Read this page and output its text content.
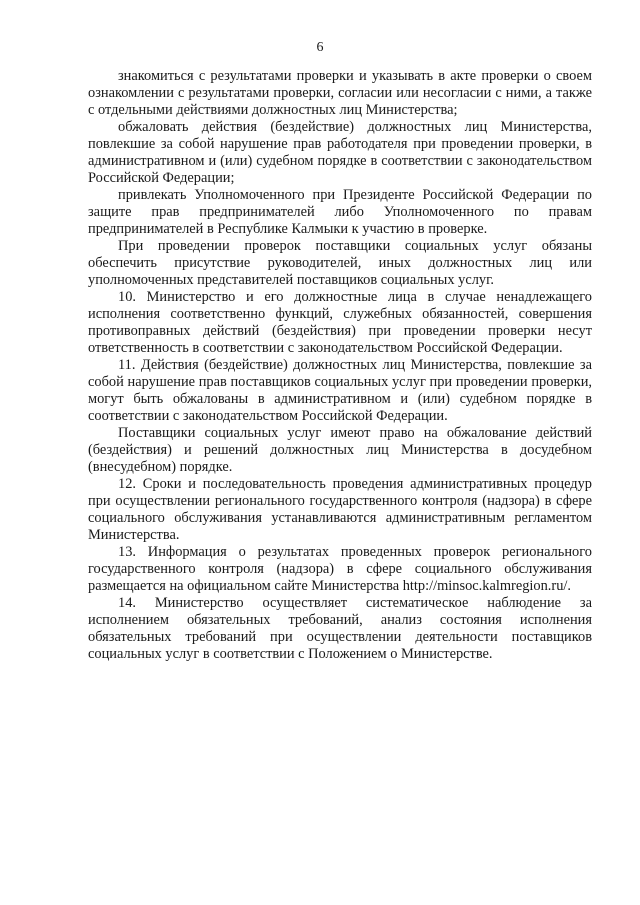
6

знакомиться с результатами проверки и указывать в акте проверки о своем ознакомлении с результатами проверки, согласии или несогласии с ними, а также с отдельными действиями должностных лиц Министерства;

обжаловать действия (бездействие) должностных лиц Министерства, повлекшие за собой нарушение прав работодателя при проведении проверки, в административном и (или) судебном порядке в соответствии с законодательством Российской Федерации;

привлекать Уполномоченного при Президенте Российской Федерации по защите прав предпринимателей либо Уполномоченного по правам предпринимателей в Республике Калмыки к участию в проверке.

При проведении проверок поставщики социальных услуг обязаны обеспечить присутствие руководителей, иных должностных лиц или уполномоченных представителей поставщиков социальных услуг.

10. Министерство и его должностные лица в случае ненадлежащего исполнения соответственно функций, служебных обязанностей, совершения противоправных действий (бездействия) при проведении проверки несут ответственность в соответствии с законодательством Российской Федерации.

11. Действия (бездействие) должностных лиц Министерства, повлекшие за собой нарушение прав поставщиков социальных услуг при проведении проверки, могут быть обжалованы в административном и (или) судебном порядке в соответствии с законодательством Российской Федерации.

Поставщики социальных услуг имеют право на обжалование действий (бездействия) и решений должностных лиц Министерства в досудебном (внесудебном) порядке.

12. Сроки и последовательность проведения административных процедур при осуществлении регионального государственного контроля (надзора) в сфере социального обслуживания устанавливаются административным регламентом Министерства.

13. Информация о результатах проведенных проверок регионального государственного контроля (надзора) в сфере социального обслуживания размещается на официальном сайте Министерства http://minsoc.kalmregion.ru/.

14. Министерство осуществляет систематическое наблюдение за исполнением обязательных требований, анализ состояния исполнения обязательных требований при осуществлении деятельности поставщиков социальных услуг в соответствии с Положением о Министерстве.
